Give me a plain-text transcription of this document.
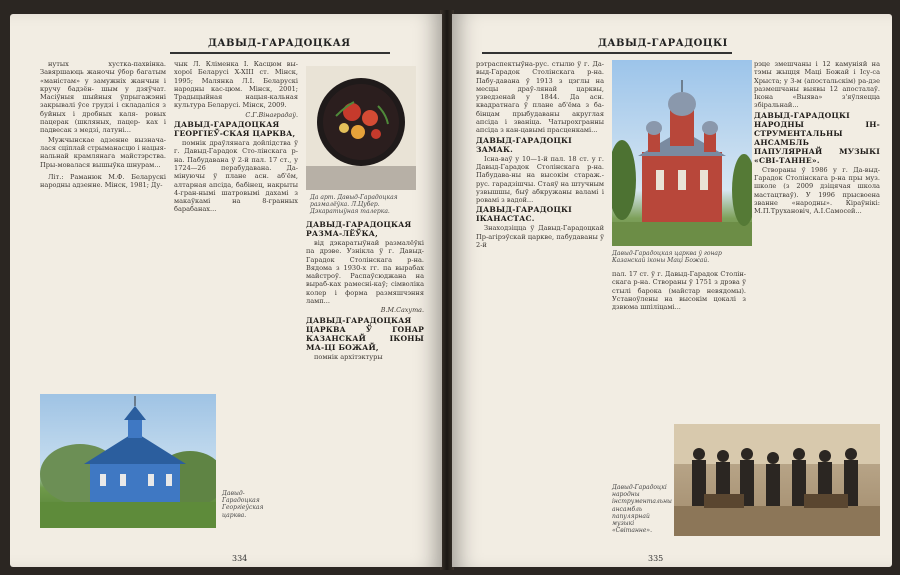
ДАВЫД-ГАРАДОЦКАЯ

нутых хустка-пахвiнка. Завяршаюць жаночы ўбор багатым «манiстам» у замужнiх жанчын i кручу бадзён- шым у дзяўчат. Масiўныя шыйныя ўпрыгажэннi закрывалi ўсе грудзi i складалiся з буйных i дробных каля- ровых пацерак (шкляных, пацер- ках i падвесак з медзi, латунi...

Мужчынскае адзенне вызнача-лася сцiплай стрыманасцю i нацыя-нальнай крамлянага майстэрства. Пры-мовалася вышыўка шнурам...

Літ.: Раманюк М.Ф. Беларускi народны адзенне. Мінск, 1981; Ду-

Давыд-Гарадоцкая Георгіеўская царква.

чык Л. Кліменка І. Касцюм вы-хорої Беларусі X-XIII ст. Мінск, 1995; Малянка Л.І. Беларускі народны кас-цюм. Мінск, 2001; Традыцыйная нацыя-кальная культура Беларусі. Мінск, 2009.

С.Г.Вінаградаў.

ДАВЫД-ГАРАДОЦКАЯ ГЕОРГIЕЎ-СКАЯ ЦАРКВА,

помнiк драўлянага дойлiдства ў г. Давыд-Гарадок Сто-лiнскага р-на. Пабудавана ў 2-й пал. 17 ст., у 1724—26 перабудавана. Да-мінуючы ў плане асн. аб'ём, алтарная апсіда, бабінец, накрыты 4-гран-нымі шатровымі дахамі з макаўкамі на 8-гранных барабанах...

Да арт. Давыд-Гарадоцкая размалёўка. Л.Цубер. Дэкаратыўная талерка.

ДАВЫД-ГАРАДОЦКАЯ РАЗМА-ЛЁЎКА,

від дэкаратыўнай размалёўкі па дрэве. Узнікла ў г. Давыд-Гарадок Столінскага р-на. Вядома з 1930-х гг. па вырабах майстроў. Распаўсюджана на выраб-ках рамесні-каў; сімволіка колер і форма размяшчэння ламп...

В.М.Сахута.

ДАВЫД-ГАРАДОЦКАЯ ЦАРКВА Ў ГОНАР КАЗАНСКАЙ IКОНЫ МА-ЦI БОЖАЙ,

помнiк архiтэктуры

334
ДАВЫД-ГАРАДОЦКI

рэтраспектыўна-рус. стылю ў г. Да-выд-Гарадок Столінскага р-на. Пабу-давана ў 1913 з цэглы на месцы драў-лянай царквы, узведзенай у 1844. Да асн. квадратнага ў плане аб'ёма з ба-бінцам прыбудаваны акруглая апсіда і званіца. Чатырохгранны апсіда з кан-цавымі прасценкамі...

ДАВЫД-ГАРАДОЦКI ЗАМАК.

Існа-ваў у 10—1-й пал. 18 ст. у г. Давыд-Гарадок Столінскага р-на. Пабудава-ны на высокім стараж.-рус. гарадзішчы. Стаяў на штучным узвышшы, быў абкружаны валамі i ровамі з вадой...

ДАВЫД-ГАРАДОЦКI IКАНАСТАС.

Знаходзіцца ў Давыд-Гарадоцкай Пр-агірэўскай царкве, пабудаваны ў 2-й

Давыд-Гарадоцкая царква ў гонар Казанскай іконы Маці Божай.

пал. 17 ст. ў г. Давыд-Гарадок Столін-скага р-на. Створаны ў 1751 з дрэва ў стылі барока (майстар невядомы). Устаноўлены на высокім цокалі з дзвюма шпіліцамі...

рэце змешчаны і 12 камуніяй на тэмы жыцця Маці Божай і Ісу-са Хрыста; у 3-м (апостальскім) ра-дзе размешчаны выявы 12 апосталаў. Ікона «Выява» з'яўляецца збіральнай...

ДАВЫД-ГАРАДОЦКI НАРОДНЫ IН-СТРУМЕНТАЛЬНЫ АНСАМБЛЬ ПАПУЛЯРНАЙ МУЗЫКI «СВI-ТАННЕ».

Створаны ў 1986 у г. Да-выд-Гарадок Столінскага р-на пры муз. школе (з 2009 дзіцячая школа мастацтваў). У 1996 прысвоена званне «народны». Кіраўнікі: М.П.Трухановіч, А.І.Самосей...

Давыд-Гарадоцкі народны інструментальны ансамбль папулярнай музыкі «Світанне».
335
